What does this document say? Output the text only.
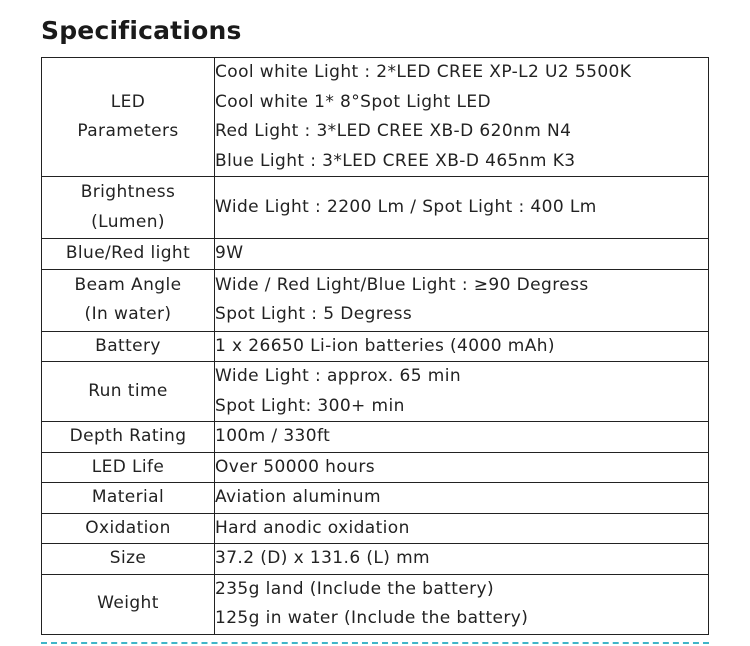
Specifications
LED
Parameters	Cool white Light : 2*LED CREE XP-L2 U2 5500K
Cool white 1* 8°Spot Light LED
Red Light : 3*LED CREE XB-D 620nm N4
Blue Light : 3*LED CREE XB-D 465nm K3

Brightness
(Lumen)	Wide Light : 2200 Lm / Spot Light : 400 Lm

Blue/Red light	9W

Beam Angle
(In water)	Wide / Red Light/Blue Light : ≥90 Degress
Spot Light : 5 Degress

Battery	1 x 26650 Li-ion batteries (4000 mAh)

Run time	Wide Light : approx. 65 min
Spot Light: 300+ min

Depth Rating	100m / 330ft

LED Life	Over 50000 hours

Material	Aviation aluminum

Oxidation	Hard anodic oxidation

Size	37.2 (D) x 131.6 (L) mm

Weight	235g land (Include the battery)
125g in water (Include the battery)
